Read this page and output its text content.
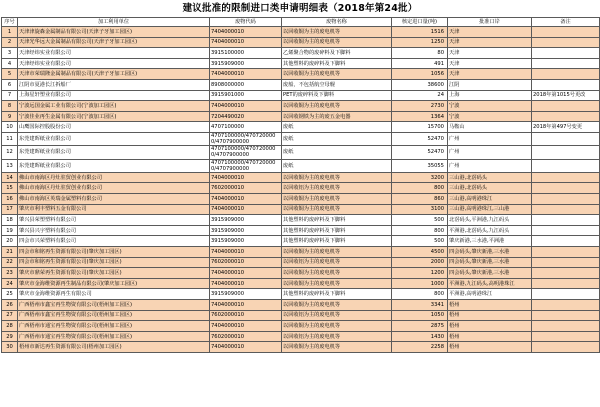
建议批准的限制进口类申请明细表（2018年第24批）
序号	加工利用单位	废物代码	废物名称	核定进口量(吨)	批准口岸	备注
1	天津津旋森金属制品有限公司(天津子牙加工园区)	7404000010	以回收铜为主的废电机等	1516	天津	
2	天津光华远大金属制品有限公司(天津子牙加工园区)	7404000010	以回收铜为主的废电机等	1250	天津	
3	天津经纬实业有限公司	3915100000	乙烯聚合物的废碎料及下脚料	80	天津	
4	天津经纬实业有限公司	3915909000	其他塑料的废碎料及下脚料	491	天津	
5	天津市荣瑞隆金属制品有限公司(天津子牙加工园区)	7404000010	以回收铜为主的废电机等	1056	天津	
6	江阴市夏港长江拆船厂	8908000000	废船，不包括航空母舰	38600	江阴	
7	上海星轩塑业有限公司	3915901000	PET的废碎料及下脚料	24	上海	2018年第1015号更改
8	宁波远国金属工业有限公司(宁波加工园区)	7404000010	以回收铜为主的废电机等	2730	宁波	
9	宁波佳业再生金属有限公司(宁波加工园区)	7204490020	以回收钢铁为主的废五金电器	1364	宁波	
10	山鹰国际控股股份公司	4707100000	废纸	15700	马鞍山	2018年第497号变更
11	东莞建晖纸业有限公司	4707100000/4707200000/4707900000	废纸	52470	广州	
12	东莞建晖纸业有限公司	4707100000/4707200000/4707900000	废纸	52470	广州	
13	东莞建晖纸业有限公司	4707100000/4707200000/4707900000	废纸	35055	广州	
14	佛山市南海区丹灶驻贸创业有限公司	7404000010	以回收铜为主的废电机等	3200	三山港,北滘码头	
15	佛山市南海区丹灶驻贸创业有限公司	7602000010	以回收铝为主的废电机等	800	三山港,北滘码头	
16	佛山市南海区英瑞金属塑料有限公司	7404000010	以回收铜为主的废电机等	860	三山港,高明港珠江	
17	肇庆市利丰塑料五金有限公司	7404000010	以回收铜为主的废电机等	3100	三山港,高明港珠江,三山港	
18	肇兴县荣塑塑料有限公司	3915909000	其他塑料的废碎料及下脚料	500	北滘码头,平洲港,九江码头	
19	肇兴县兴宇塑料有限公司	3915909000	其他塑料的废碎料及下脚料	800	平洲港,北滘码头,九江码头	
20	四会市兴荣塑料有限公司	3915909000	其他塑料的废碎料及下脚料	500	肇庆新港,三水港,平洲港	
21	四会市和铭再生资源有限公司(肇庆加工园区)	7404000010	以回收铜为主的废电机等	4500	四会码头,肇庆新港,三水港	
22	四会市和铭再生资源有限公司(肇庆加工园区)	7602000010	以回收铝为主的废电机等	2000	四会码头,肇庆新港,三水港	
23	肇庆市鼎荣再生资源有限公司(肇庆加工园区)	7404000010	以回收铜为主的废电机等	1200	四会码头,肇庆新港,三水港	
24	肇庆市金海维资源再生制品有限公司(肇庆加工园区)	7404000010	以回收铜为主的废电机等	1000	平洲港,九江码头,高明港珠江	
25	肇庆市金海维资源再生有限公司	3915909000	其他塑料的废碎料及下脚料	800	平洲港,高明港珠江	
26	广西梧州市鑫宝再生物资有限公司(梧州加工园区)	7404000010	以回收铜为主的废电机等	3341	梧州	
27	广西梧州市鑫宝再生物资有限公司(梧州加工园区)	7602000010	以回收铝为主的废电机等	1050	梧州	
28	广西梧州市通宝再生物资有限公司(梧州加工园区)	7404000010	以回收铜为主的废电机等	2875	梧州	
29	广西梧州市通宝再生物资有限公司(梧州加工园区)	7602000010	以回收铝为主的废电机等	1430	梧州	
30	梧州市新达再生资源有限公司(梧州加工园区)	7404000010	以回收铜为主的废电机等	2258	梧州	
